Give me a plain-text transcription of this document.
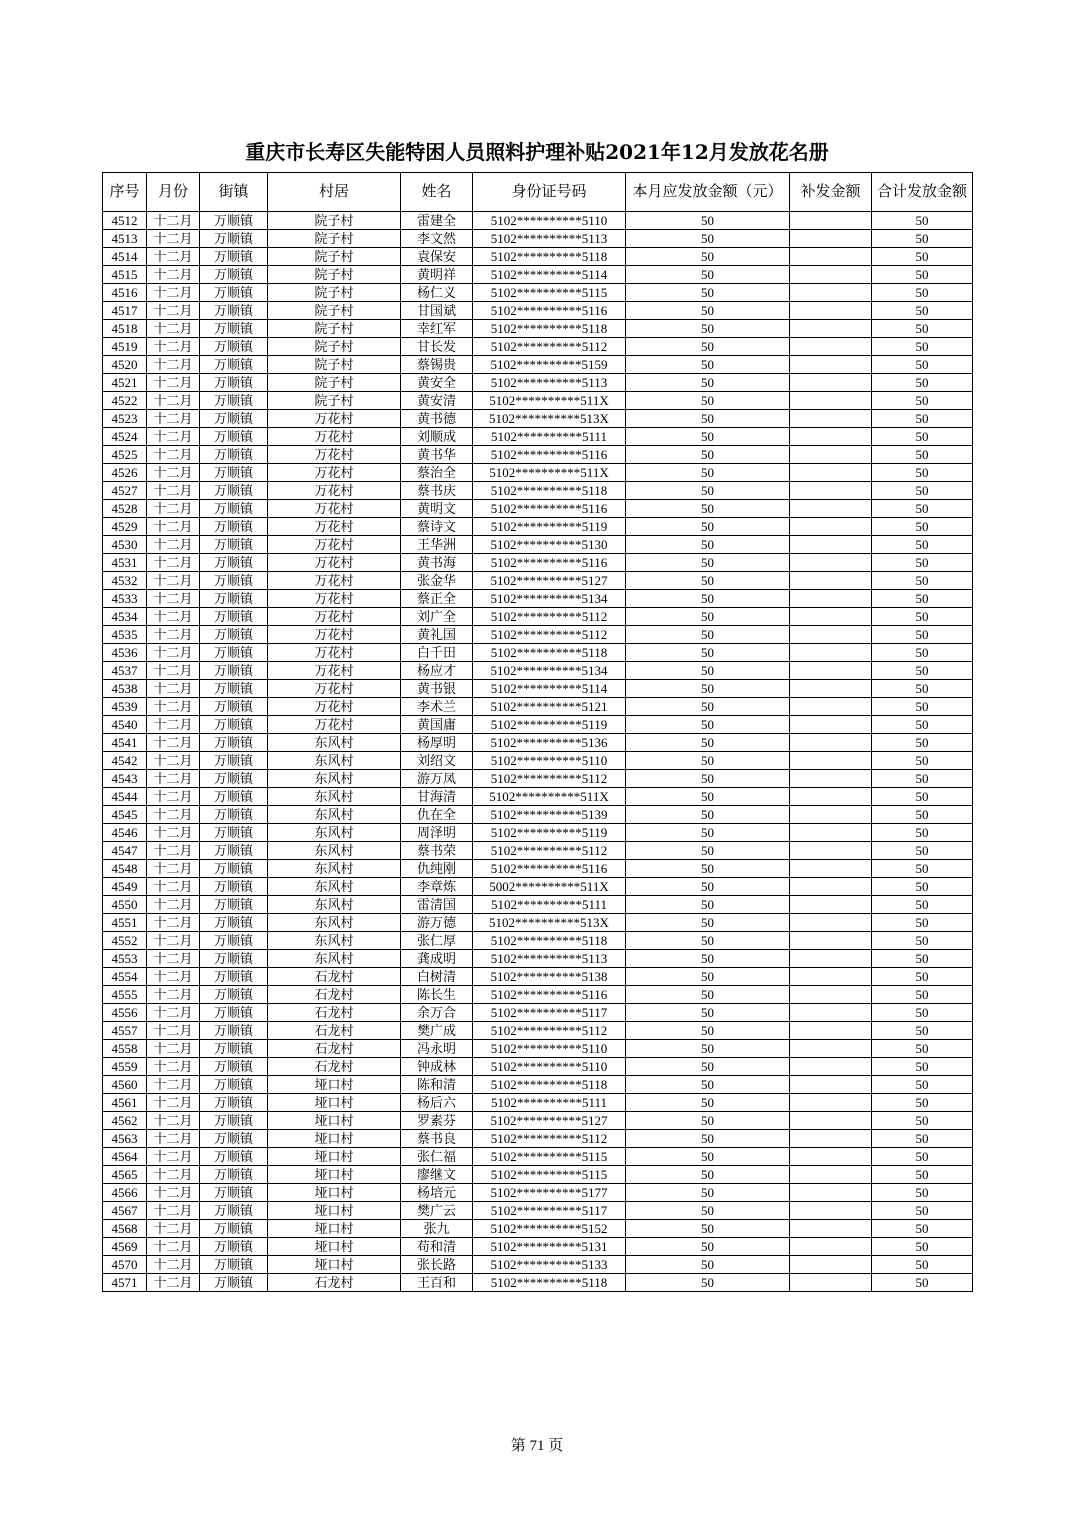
重庆市长寿区失能特困人员照料护理补贴2021年12月发放花名册
序号	月份	街镇	村居	姓名	身份证号码	本月应发放金额（元）	补发金额	合计发放金额
4512	十二月	万顺镇	院子村	雷建全	5102**********5110	50		50
4513	十二月	万顺镇	院子村	李文然	5102**********5113	50		50
4514	十二月	万顺镇	院子村	袁保安	5102**********5118	50		50
4515	十二月	万顺镇	院子村	黄明祥	5102**********5114	50		50
4516	十二月	万顺镇	院子村	杨仁义	5102**********5115	50		50
4517	十二月	万顺镇	院子村	甘国斌	5102**********5116	50		50
4518	十二月	万顺镇	院子村	幸红军	5102**********5118	50		50
4519	十二月	万顺镇	院子村	甘长发	5102**********5112	50		50
4520	十二月	万顺镇	院子村	蔡锡贵	5102**********5159	50		50
4521	十二月	万顺镇	院子村	黄安全	5102**********5113	50		50
4522	十二月	万顺镇	院子村	黄安清	5102**********511X	50		50
4523	十二月	万顺镇	万花村	黄书德	5102**********513X	50		50
4524	十二月	万顺镇	万花村	刘顺成	5102**********5111	50		50
4525	十二月	万顺镇	万花村	黄书华	5102**********5116	50		50
4526	十二月	万顺镇	万花村	蔡治全	5102**********511X	50		50
4527	十二月	万顺镇	万花村	蔡书庆	5102**********5118	50		50
4528	十二月	万顺镇	万花村	黄明文	5102**********5116	50		50
4529	十二月	万顺镇	万花村	蔡诗文	5102**********5119	50		50
4530	十二月	万顺镇	万花村	王华洲	5102**********5130	50		50
4531	十二月	万顺镇	万花村	黄书海	5102**********5116	50		50
4532	十二月	万顺镇	万花村	张金华	5102**********5127	50		50
4533	十二月	万顺镇	万花村	蔡正全	5102**********5134	50		50
4534	十二月	万顺镇	万花村	刘广全	5102**********5112	50		50
4535	十二月	万顺镇	万花村	黄礼国	5102**********5112	50		50
4536	十二月	万顺镇	万花村	白千田	5102**********5118	50		50
4537	十二月	万顺镇	万花村	杨应才	5102**********5134	50		50
4538	十二月	万顺镇	万花村	黄书银	5102**********5114	50		50
4539	十二月	万顺镇	万花村	李术兰	5102**********5121	50		50
4540	十二月	万顺镇	万花村	黄国庸	5102**********5119	50		50
4541	十二月	万顺镇	东风村	杨厚明	5102**********5136	50		50
4542	十二月	万顺镇	东风村	刘绍文	5102**********5110	50		50
4543	十二月	万顺镇	东风村	游万凤	5102**********5112	50		50
4544	十二月	万顺镇	东风村	甘海清	5102**********511X	50		50
4545	十二月	万顺镇	东风村	仇在全	5102**********5139	50		50
4546	十二月	万顺镇	东风村	周泽明	5102**********5119	50		50
4547	十二月	万顺镇	东风村	蔡书荣	5102**********5112	50		50
4548	十二月	万顺镇	东风村	仇纯刚	5102**********5116	50		50
4549	十二月	万顺镇	东风村	李章炼	5002**********511X	50		50
4550	十二月	万顺镇	东风村	雷清国	5102**********5111	50		50
4551	十二月	万顺镇	东风村	游万德	5102**********513X	50		50
4552	十二月	万顺镇	东风村	张仁厚	5102**********5118	50		50
4553	十二月	万顺镇	东风村	龚成明	5102**********5113	50		50
4554	十二月	万顺镇	石龙村	白树清	5102**********5138	50		50
4555	十二月	万顺镇	石龙村	陈长生	5102**********5116	50		50
4556	十二月	万顺镇	石龙村	余万合	5102**********5117	50		50
4557	十二月	万顺镇	石龙村	樊广成	5102**********5112	50		50
4558	十二月	万顺镇	石龙村	冯永明	5102**********5110	50		50
4559	十二月	万顺镇	石龙村	钟成林	5102**********5110	50		50
4560	十二月	万顺镇	垭口村	陈和清	5102**********5118	50		50
4561	十二月	万顺镇	垭口村	杨后六	5102**********5111	50		50
4562	十二月	万顺镇	垭口村	罗素芬	5102**********5127	50		50
4563	十二月	万顺镇	垭口村	蔡书良	5102**********5112	50		50
4564	十二月	万顺镇	垭口村	张仁福	5102**********5115	50		50
4565	十二月	万顺镇	垭口村	廖继文	5102**********5115	50		50
4566	十二月	万顺镇	垭口村	杨培元	5102**********5177	50		50
4567	十二月	万顺镇	垭口村	樊广云	5102**********5117	50		50
4568	十二月	万顺镇	垭口村	张九	5102**********5152	50		50
4569	十二月	万顺镇	垭口村	苟和清	5102**********5131	50		50
4570	十二月	万顺镇	垭口村	张长路	5102**********5133	50		50
4571	十二月	万顺镇	石龙村	王百和	5102**********5118	50		50
第 71 页
